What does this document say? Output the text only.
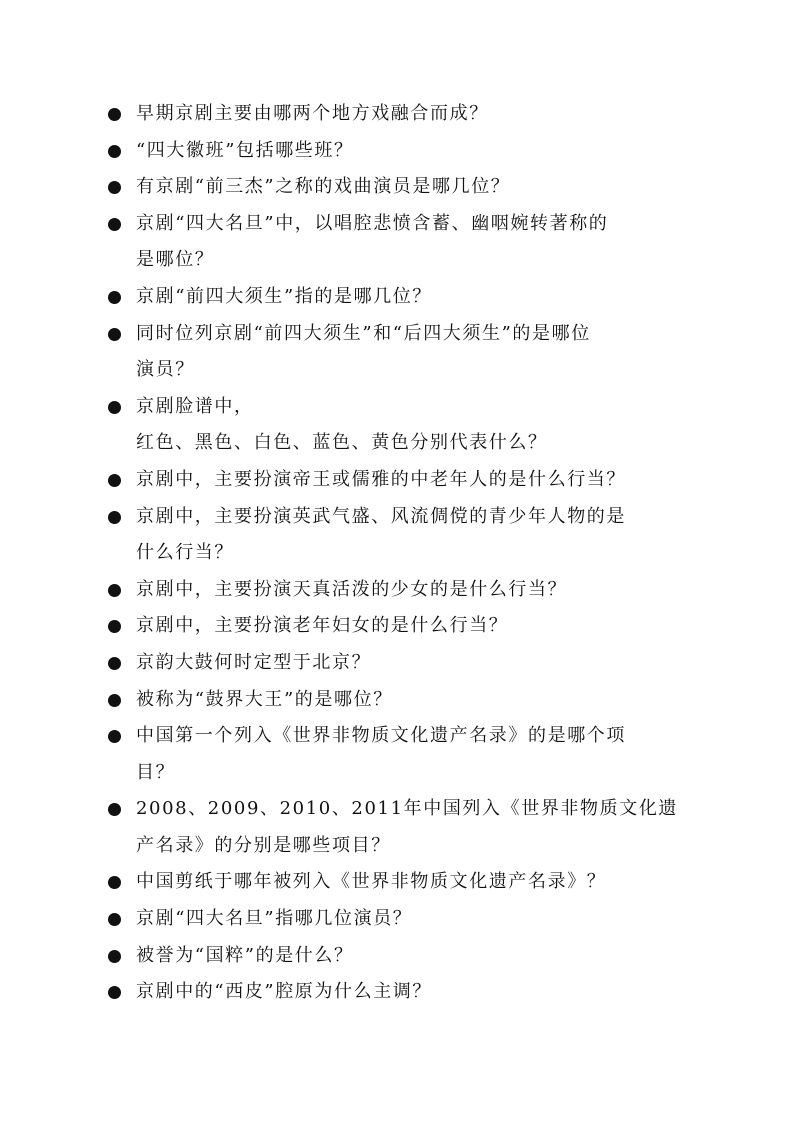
早期京剧主要由哪两个地方戏融合而成？
“四大徽班”包括哪些班？
有京剧“前三杰”之称的戏曲演员是哪几位？
京剧“四大名旦”中，以唱腔悲愤含蓄、幽咽婉转著称的
是哪位？
京剧“前四大须生”指的是哪几位？
同时位列京剧“前四大须生”和“后四大须生”的是哪位
演员？
京剧脸谱中，
红色、黑色、白色、蓝色、黄色分别代表什么？
京剧中，主要扮演帝王或儒雅的中老年人的是什么行当？
京剧中，主要扮演英武气盛、风流倜傥的青少年人物的是
什么行当？
京剧中，主要扮演天真活泼的少女的是什么行当？
京剧中，主要扮演老年妇女的是什么行当？
京韵大鼓何时定型于北京？
被称为“鼓界大王”的是哪位？
中国第一个列入《世界非物质文化遗产名录》的是哪个项
目？
2008、2009、2010、2011年中国列入《世界非物质文化遗
产名录》的分别是哪些项目？
中国剪纸于哪年被列入《世界非物质文化遗产名录》？
京剧“四大名旦”指哪几位演员？
被誉为“国粹”的是什么？
京剧中的“西皮”腔原为什么主调？
